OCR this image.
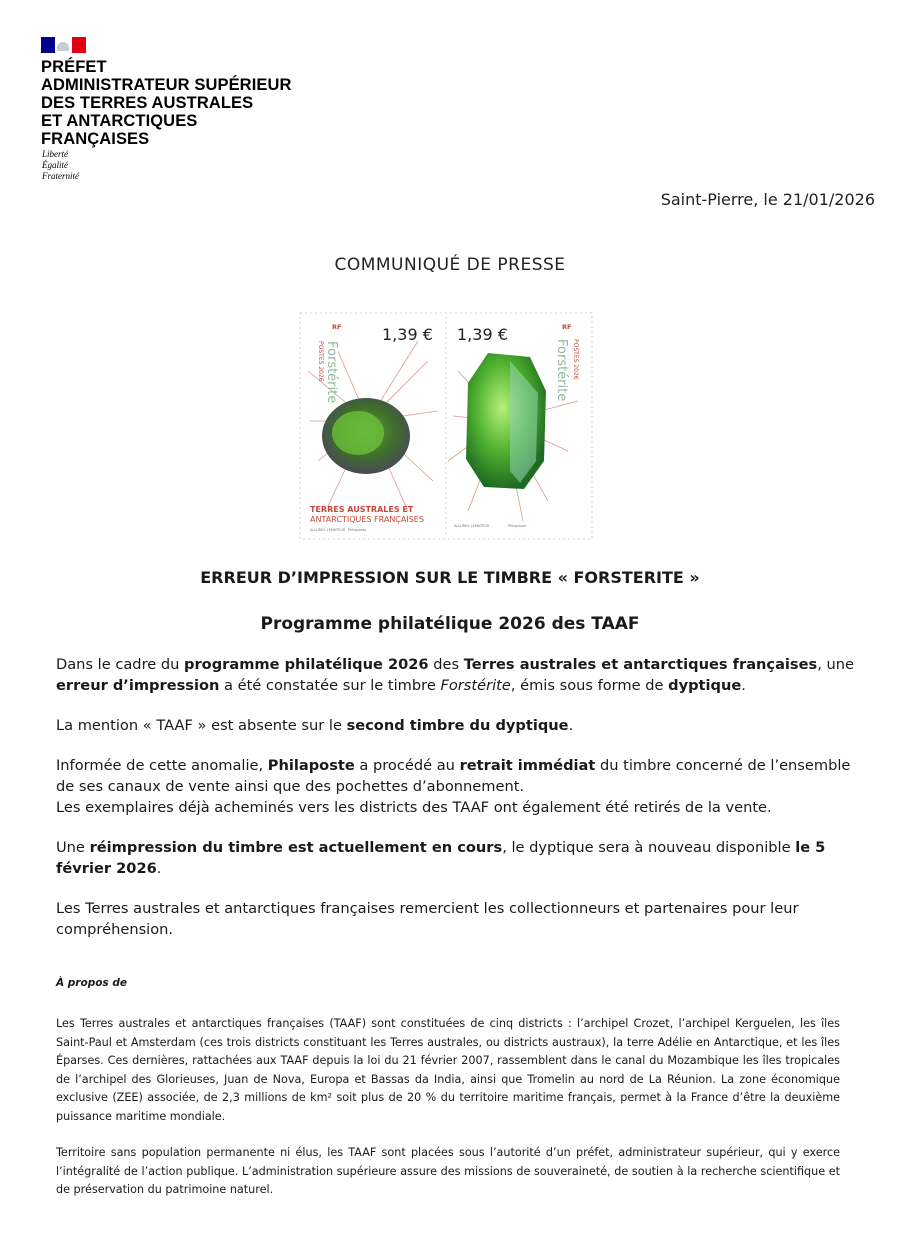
PRÉFET
ADMINISTRATEUR SUPÉRIEUR
DES TERRES AUSTRALES
ET ANTARCTIQUES
FRANÇAISES
Liberté
Égalité
Fraternité
Saint-Pierre, le 21/01/2026
COMMUNIQUÉ DE PRESSE
RF	1,39 €
POSTES 2026 Forstérite
TERRES AUSTRALES ET
ANTARCTIQUES FRANÇAISES
ALLURES LEMATEUR Philaposte
1,39 €	RF
POSTES 2026
Forstérite
ALLURES LEMATEUR	Philaposte
ERREUR D’IMPRESSION SUR LE TIMBRE « FORSTERITE »
Programme philatélique 2026 des TAAF

Dans le cadre du programme philatélique 2026 des Terres australes et antarctiques françaises, une erreur d’impression a été constatée sur le timbre Forstérite, émis sous forme de dyptique.

La mention « TAAF » est absente sur le second timbre du dyptique.

Informée de cette anomalie, Philaposte a procédé au retrait immédiat du timbre concerné de l’ensemble de ses canaux de vente ainsi que des pochettes d’abonnement.
Les exemplaires déjà acheminés vers les districts des TAAF ont également été retirés de la vente.

Une réimpression du timbre est actuellement en cours, le dyptique sera à nouveau disponible le 5 février 2026.

Les Terres australes et antarctiques françaises remercient les collectionneurs et partenaires pour leur compréhension.

À propos de

Les Terres australes et antarctiques françaises (TAAF) sont constituées de cinq districts : l’archipel Crozet, l’archipel Kerguelen, les îles Saint-Paul et Amsterdam (ces trois districts constituant les Terres australes, ou districts austraux), la terre Adélie en Antarctique, et les îles Éparses. Ces dernières, rattachées aux TAAF depuis la loi du 21 février 2007, rassemblent dans le canal du Mozambique les îles tropicales de l’archipel des Glorieuses, Juan de Nova, Europa et Bassas da India, ainsi que Tromelin au nord de La Réunion. La zone économique exclusive (ZEE) associée, de 2,3 millions de km² soit plus de 20 % du territoire maritime français, permet à la France d’être la deuxième puissance maritime mondiale.

Territoire sans population permanente ni élus, les TAAF sont placées sous l’autorité d’un préfet, administrateur supérieur, qui y exerce l’intégralité de l’action publique. L’administration supérieure assure des missions de souveraineté, de soutien à la recherche scientifique et de préservation du patrimoine naturel.
